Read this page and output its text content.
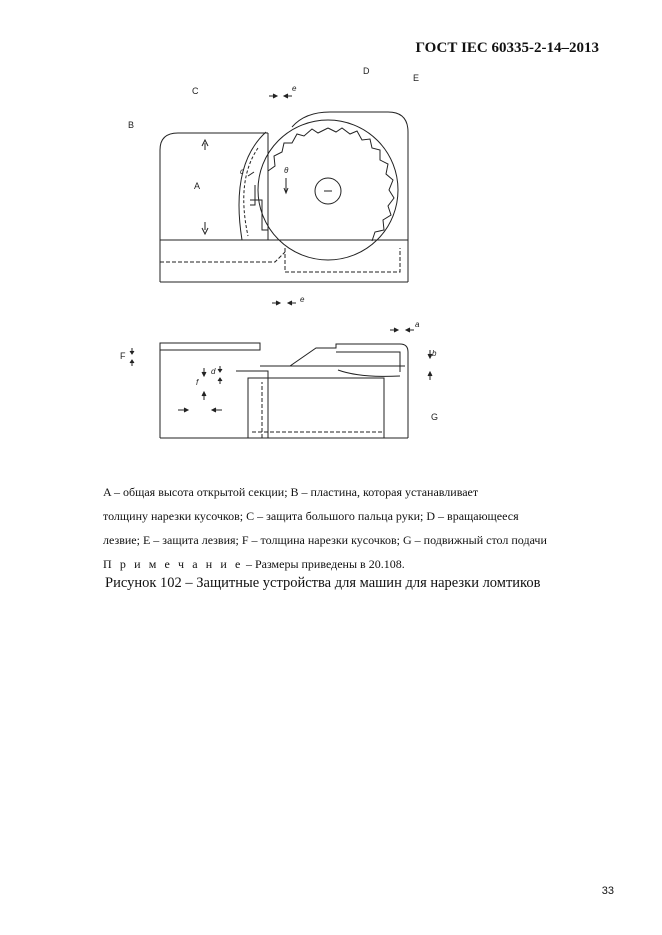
ГОСТ IEC 60335-2-14–2013
B
C
D
E
A
F
G
e
e
a
b
c
d
f
θ

A – общая высота открытой секции; B – пластина, которая устанавливает

толщину нарезки кусочков; C – защита большого пальца руки; D – вращающееся

лезвие; E – защита лезвия; F – толщина нарезки кусочков; G – подвижный стол подачи

П р и м е ч а н и е – Размеры приведены в 20.108.

Рисунок 102 – Защитные устройства для машин для нарезки ломтиков
33
